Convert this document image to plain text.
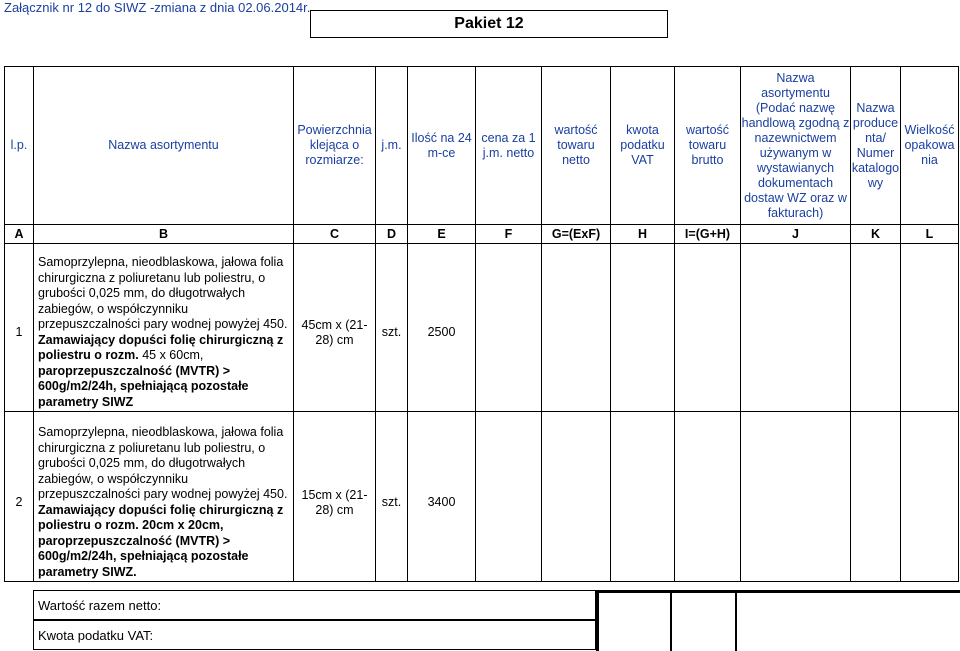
Załącznik nr 12 do SIWZ -zmiana z dnia 02.06.2014r.
Pakiet 12
l.p.	Nazwa asortymentu	Powierzchnia klejąca o rozmiarze:	j.m.	Ilość na 24 m-ce	cena za 1 j.m. netto	wartość towaru netto	kwota podatku VAT	wartość towaru brutto	Nazwa asortymentu (Podać nazwę handlową zgodną z nazewnictwem używanym w wystawianych dokumentach dostaw WZ oraz w fakturach)	Nazwa produce nta/ Numer katalogo wy	Wielkość opakowa nia
A	B	C	D	E	F	G=(ExF)	H	I=(G+H)	J	K	L

1	Samoprzylepna, nieodblaskowa, jałowa folia chirurgiczna z poliuretanu lub poliestru, o grubości 0,025 mm, do długotrwałych zabiegów, o współczynniku przepuszczalności pary wodnej powyżej 450. Zamawiający dopuści folię chirurgiczną z poliestru o rozm. 45 x 60cm, paroprzepuszczalność (MVTR) > 600g/m2/24h, spełniającą pozostałe parametry SIWZ	45cm x (21-28) cm	szt.	2500							

2	Samoprzylepna, nieodblaskowa, jałowa folia chirurgiczna z poliuretanu lub poliestru, o grubości 0,025 mm, do długotrwałych zabiegów, o współczynniku przepuszczalności pary wodnej powyżej 450. Zamawiający dopuści folię chirurgiczną z poliestru o rozm. 20cm x 20cm, paroprzepuszczalność (MVTR) > 600g/m2/24h, spełniającą pozostałe parametry SIWZ.	15cm x (21-28) cm	szt.	3400							
Wartość razem netto:
Kwota podatku VAT:
